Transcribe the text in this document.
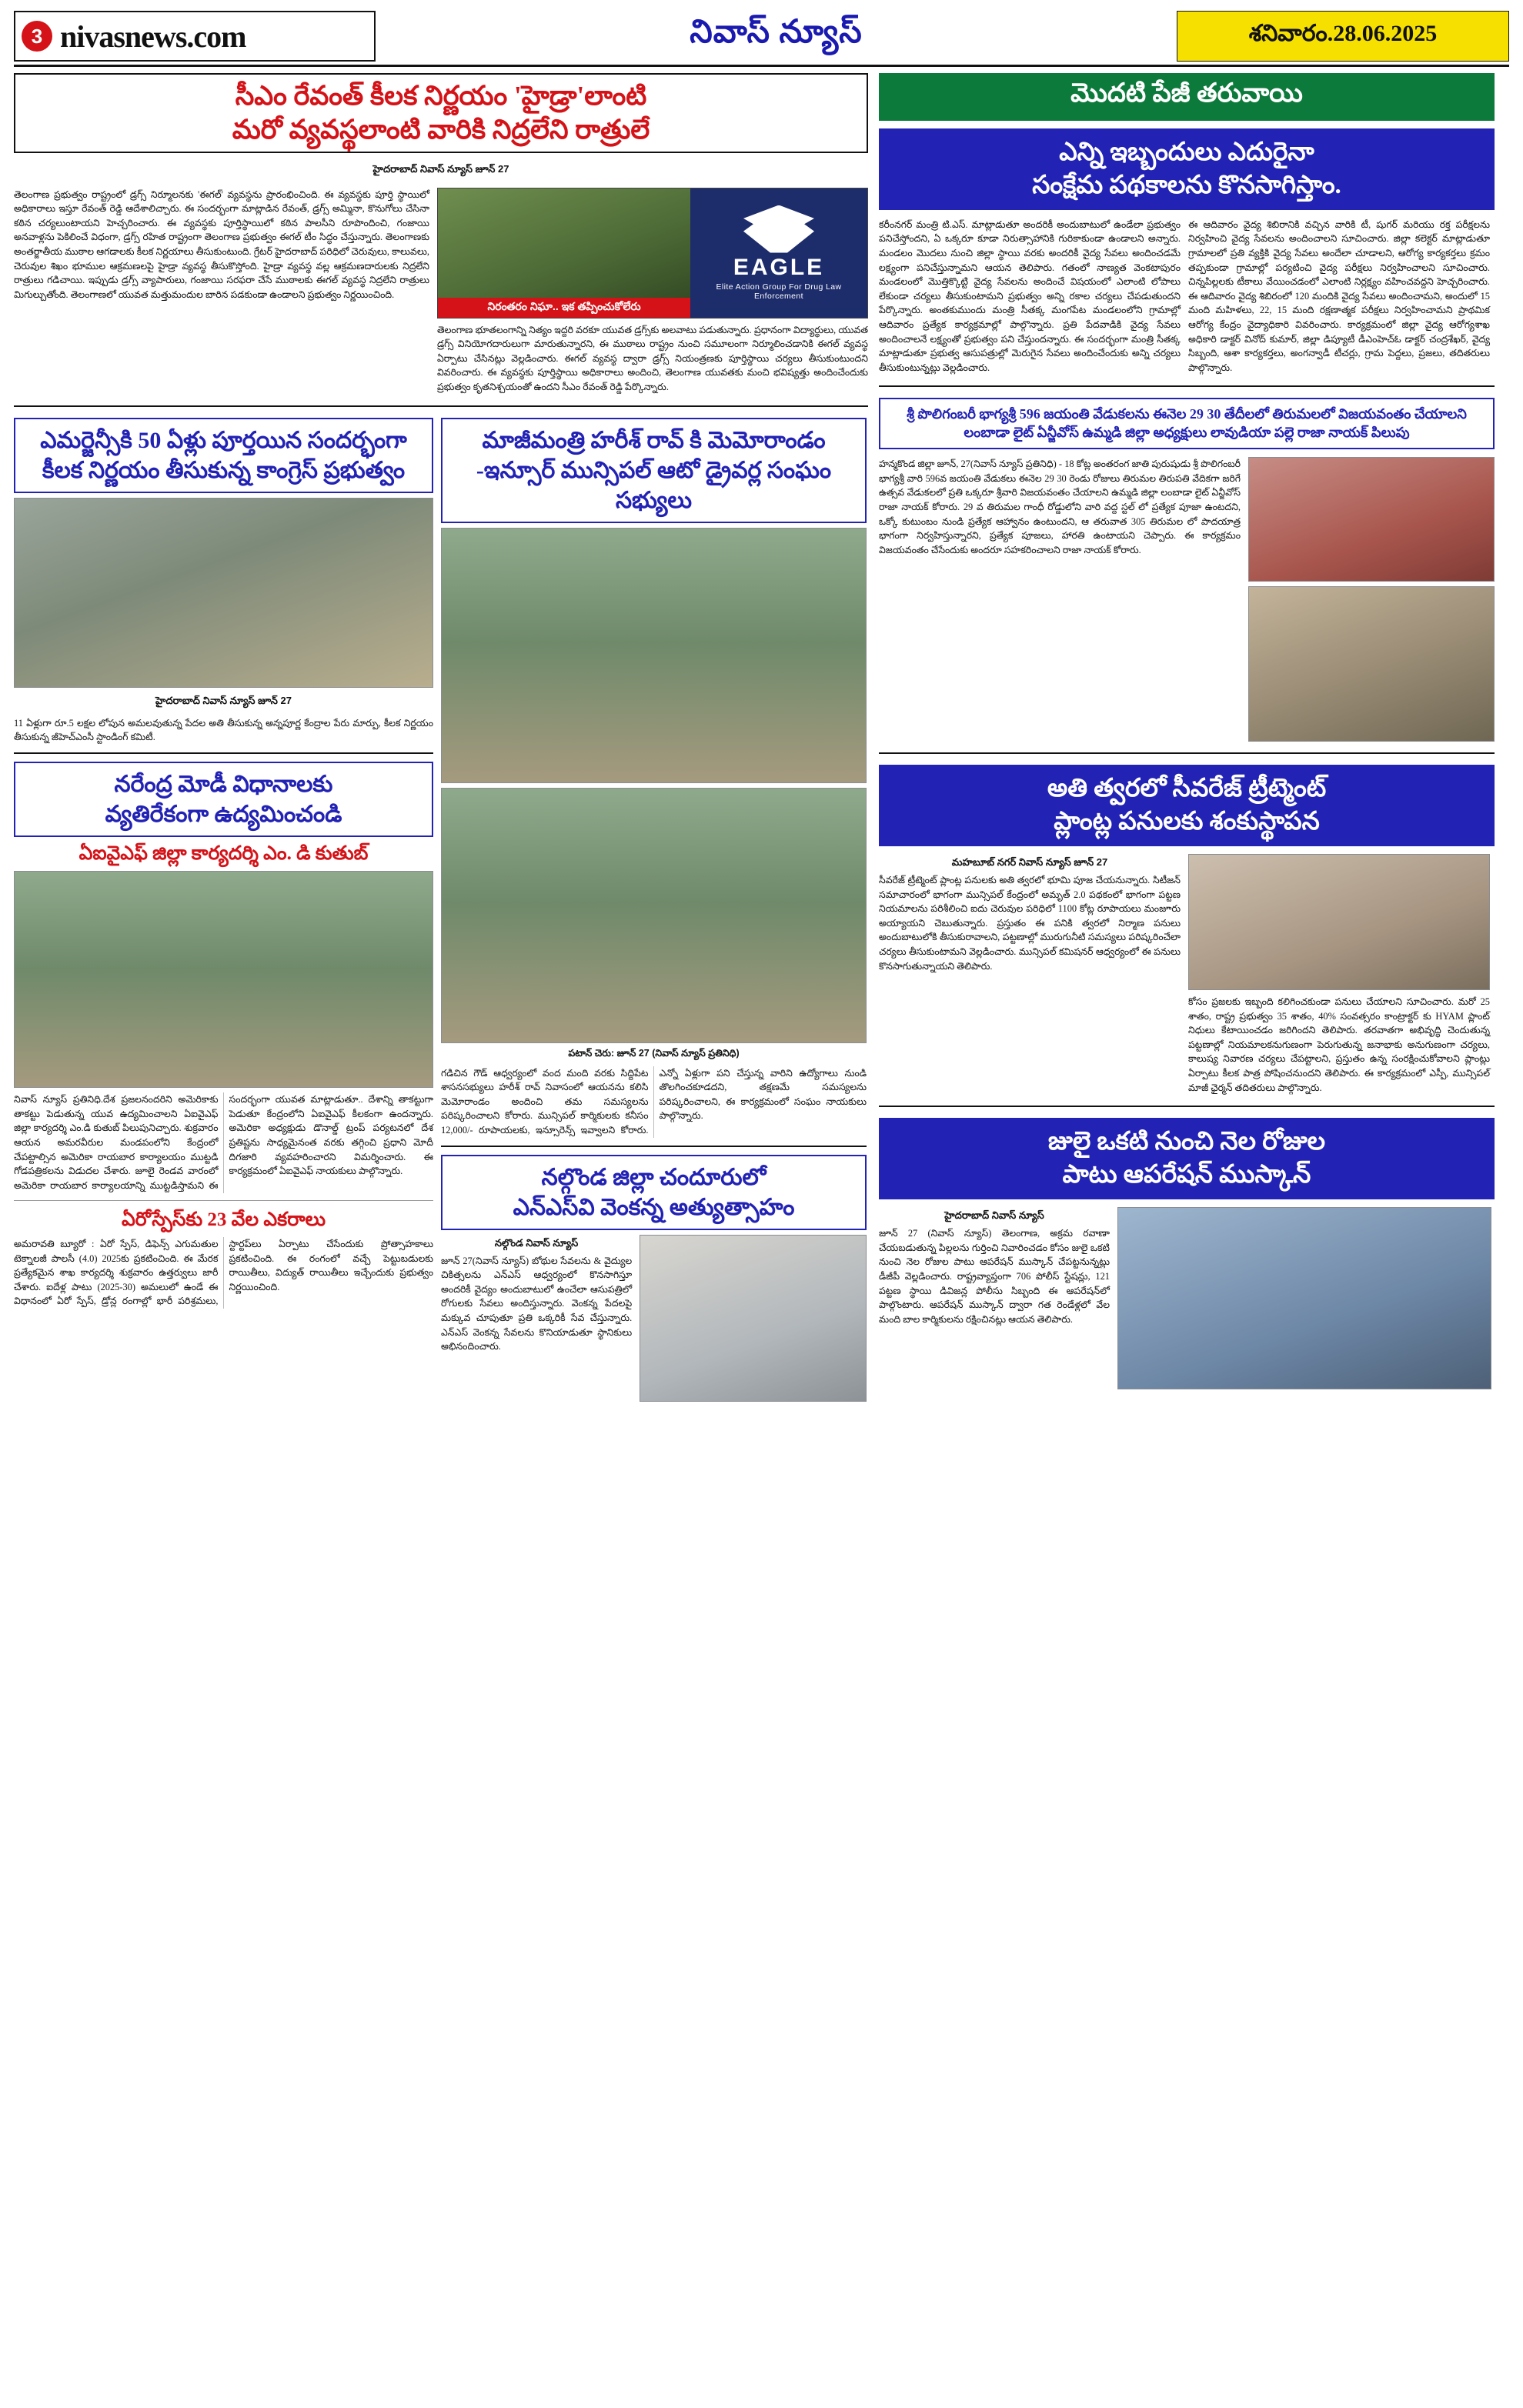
3 nivasnews.com	నివాస్ న్యూస్	శనివారం.28.06.2025
సీఎం రేవంత్ కీలక నిర్ణయం 'హైడ్రా'లాంటి
మరో వ్యవస్థలాంటి వారికి నిద్రలేని రాత్రులే
హైదరాబాద్ నివాస్ న్యూస్ జూన్ 27
తెలంగాణ ప్రభుత్వం రాష్ట్రంలో డ్రగ్స్ నిర్మూలనకు 'ఈగల్' వ్యవస్థను ప్రారంభించింది. ఈ వ్యవస్థకు పూర్తి స్థాయిలో అధికారాలు ఇస్తూ రేవంత్ రెడ్డి ఆదేశాలిచ్చారు. ఈ సందర్భంగా మాట్లాడిన రేవంత్, డ్రగ్స్ అమ్మినా, కొనుగోలు చేసినా కఠిన చర్యలుంటాయని హెచ్చరించారు. ఈ వ్యవస్థకు పూర్తిస్థాయిలో కఠిన పాలసీని రూపొందించి, గంజాయి అనవాళ్లను పెకిలించే విధంగా, డ్రగ్స్ రహిత రాష్ట్రంగా తెలంగాణ ప్రభుత్వం ఈగల్ టీం సిద్ధం చేస్తున్నారు. తెలంగాణకు అంతర్జాతీయ ముఠాల ఆగడాలకు కీలక నిర్ణయాలు తీసుకుంటుంది. గ్రేటర్ హైదరాబాద్ పరిధిలో చెరువులు, కాలువలు, చెరువుల శిఖం భూముల ఆక్రమణలపై హైడ్రా వ్యవస్థ తీసుకొస్తోంది. హైడ్రా వ్యవస్థ వల్ల ఆక్రమణదారులకు నిద్రలేని రాత్రులు గడిచాయి. ఇప్పుడు డ్రగ్స్ వ్యాపారులు, గంజాయి సరఫరా చేసే ముఠాలకు ఈగల్ వ్యవస్థ నిద్రలేని రాత్రులు మిగుల్చుతోంది. తెలంగాణలో యువత మత్తుమందుల బారిన పడకుండా ఉండాలని ప్రభుత్వం నిర్ణయించింది.
నిరంతరం నిఘా.. ఇక తప్పించుకోలేరు
EAGLE
Elite Action Group For Drug Law Enforcement
తెలంగాణ భూతలంగాన్ని నిత్యం ఇద్దరి వరకూ యువత డ్రగ్స్‌కు అలవాటు పడుతున్నారు. ప్రధానంగా విద్యార్థులు, యువత డ్రగ్స్ వినియోగదారులుగా మారుతున్నారని, ఈ ముఠాలు రాష్ట్రం నుంచి సమూలంగా నిర్మూలించడానికి ఈగల్ వ్యవస్థ ఏర్పాటు చేసినట్లు వెల్లడించారు. ఈగల్ వ్యవస్థ ద్వారా డ్రగ్స్ నియంత్రణకు పూర్తిస్థాయి చర్యలు తీసుకుంటుందని వివరించారు. ఈ వ్యవస్థకు పూర్తిస్థాయి అధికారాలు అందించి, తెలంగాణ యువతకు మంచి భవిష్యత్తు అందించేందుకు ప్రభుత్వం కృతనిశ్చయంతో ఉందని సీఎం రేవంత్ రెడ్డి పేర్కొన్నారు.
ఎమర్జెన్సీకి 50 ఏళ్లు పూర్తయిన సందర్భంగా
కీలక నిర్ణయం తీసుకున్న కాంగ్రెస్ ప్రభుత్వం
హైదరాబాద్ నివాస్ న్యూస్ జూన్ 27
11 ఏళ్లుగా రూ.5 లక్షల లోపున అమలవుతున్న పేదల అతి తీసుకున్న అన్నపూర్ణ కేంద్రాల పేరు మార్పు, కీలక నిర్ణయం తీసుకున్న జీహెచ్ఎంసీ స్టాండింగ్ కమిటీ.
నరేంద్ర మోడీ విధానాలకు
వ్యతిరేకంగా ఉద్యమించండి
ఏఐవైఎఫ్ జిల్లా కార్యదర్శి ఎం. డి కుతుబ్
నివాస్ న్యూస్ ప్రతినిధి.దేశ ప్రజలనందరిని అమెరికాకు తాకట్టు పెడుతున్న యువ ఉద్యమించాలని ఏఐవైఎఫ్ జిల్లా కార్యదర్శి ఎం.డి కుతుబ్ పిలుపునిచ్చారు. శుక్రవారం ఆయన అమరవీరుల మండపంలోని కేంద్రంలో చేపట్టాల్సిన అమెరికా రాయబార కార్యాలయం ముట్టడి గోడపత్రికలను విడుదల చేశారు. జూలై రెండవ వారంలో అమెరికా రాయబార కార్యాలయాన్ని ముట్టడిస్తామని ఈ సందర్భంగా యువత మాట్లాడుతూ.. దేశాన్ని తాకట్టుగా పెడుతూ కేంద్రంలోని ఏఐవైఎఫ్ కీలకంగా ఉందన్నారు. అమెరికా అధ్యక్షుడు డొనాల్డ్ ట్రంప్ పర్యటనలో దేశ ప్రతిష్టను సాధ్యమైనంత వరకు తగ్గించి ప్రధాని మోదీ దిగజారి వ్యవహరించారని విమర్శించారు. ఈ కార్యక్రమంలో ఏఐవైఎఫ్ నాయకులు పాల్గొన్నారు.
ఏరోస్పేస్‌కు 23 వేల ఎకరాలు
అమరావతి బ్యూరో : ఏరో స్పేస్, డిఫెన్స్ ఎగుమతుల టెక్నాలజీ పాలసీ (4.0) 2025కు ప్రకటించింది. ఈ మేరక ప్రత్యేకమైన శాఖ కార్యదర్శి శుక్రవారం ఉత్తర్వులు జారీ చేశారు. ఐదేళ్ల పాటు (2025-30) అమలులో ఉండే ఈ విధానంలో ఏరో స్పేస్, డ్రోన్ల రంగాల్లో భారీ పరిశ్రమలు, స్టార్టప్‌లు ఏర్పాటు చేసేందుకు ప్రోత్సాహకాలు ప్రకటించింది. ఈ రంగంలో వచ్చే పెట్టుబడులకు రాయితీలు, విద్యుత్ రాయితీలు ఇచ్చేందుకు ప్రభుత్వం నిర్ణయించింది.
మాజీమంత్రి హరీశ్ రావ్ కి మెమోరాండం
-ఇన్సూర్ మున్సిపల్ ఆటో డ్రైవర్ల సంఘం సభ్యులు
పటాన్ చెరు: జూన్ 27 (నివాస్ న్యూస్ ప్రతినిధి)
గడిచిన గౌడ్ ఆధ్వర్యంలో వంద మంది వరకు సిద్దిపేట శాసనసభ్యులు హరీశ్ రావ్ నివాసంలో ఆయనను కలిసి మెమోరాండం అందించి తమ సమస్యలను పరిష్కరించాలని కోరారు. మున్సిపల్ కార్మికులకు కనీసం 12,000/- రూపాయలకు, ఇన్సూరెన్స్ ఇవ్వాలని కోరారు. ఎన్నో ఏళ్లుగా పని చేస్తున్న వారిని ఉద్యోగాలు నుండి తొలగించకూడదని, తక్షణమే సమస్యలను పరిష్కరించాలని, ఈ కార్యక్రమంలో సంఘం నాయకులు పాల్గొన్నారు.
నల్గొండ జిల్లా చందూరులో
ఎన్ఎస్‌వి వెంకన్న అత్యుత్సాహం
నల్గొండ నివాస్ న్యూస్
జూన్ 27(నివాస్ న్యూస్) బోథుల సేవలను & వైద్యుల చికిత్సలను ఎన్ఎస్ ఆధ్వర్యంలో కొనసాగిస్తూ అందరికీ వైద్యం అందుబాటులో ఉంచేలా ఆసుపత్రిలో రోగులకు సేవలు అందిస్తున్నారు. వెంకన్న పేదలపై మక్కువ చూపుతూ ప్రతి ఒక్కరికీ సేవ చేస్తున్నారు. ఎన్ఎస్ వెంకన్న సేవలను కొనియాడుతూ స్థానికులు అభినందించారు.
మొదటి పేజీ తరువాయి
ఎన్ని ఇబ్బందులు ఎదురైనా
సంక్షేమ పథకాలను కొనసాగిస్తాం.
కరీంనగర్ మంత్రి టి.ఎస్. మాట్లాడుతూ అందరికీ అందుబాటులో ఉండేలా ప్రభుత్వం పనిచేస్తోందని, ఏ ఒక్కరూ కూడా నిరుత్సాహానికి గురికాకుండా ఉండాలని అన్నారు. మండలం మొదలు నుంచి జిల్లా స్థాయి వరకు అందరికీ వైద్య సేవలు అందించడమే లక్ష్యంగా పనిచేస్తున్నామని ఆయన తెలిపారు. గతంలో నాణ్యత వెంకటాపురం మండలంలో మొత్తిక్కొట్టి వైద్య సేవలను అందించే విషయంలో ఎలాంటి లోపాలు లేకుండా చర్యలు తీసుకుంటామని ప్రభుత్వం అన్ని రకాల చర్యలు చేపడుతుందని పేర్కొన్నారు. అంతకుముందు మంత్రి సీతక్క మంగపేట మండలంలోని గ్రామాల్లో ఆదివారం ప్రత్యేక కార్యక్రమాల్లో పాల్గొన్నారు. ప్రతి పేదవాడికి వైద్య సేవలు అందించాలనే లక్ష్యంతో ప్రభుత్వం పని చేస్తుందన్నారు. ఈ సందర్భంగా మంత్రి సీతక్క మాట్లాడుతూ ప్రభుత్వ ఆసుపత్రుల్లో మెరుగైన సేవలు అందించేందుకు అన్ని చర్యలు తీసుకుంటున్నట్లు వెల్లడించారు.
ఈ ఆదివారం వైద్య శిబిరానికి వచ్చిన వారికి టీ, షుగర్ మరియు రక్త పరీక్షలను నిర్వహించి వైద్య సేవలను అందించాలని సూచించారు. జిల్లా కలెక్టర్ మాట్లాడుతూ గ్రామాలలో ప్రతి వ్యక్తికి వైద్య సేవలు అందేలా చూడాలని, ఆరోగ్య కార్యకర్తలు క్రమం తప్పకుండా గ్రామాల్లో పర్యటించి వైద్య పరీక్షలు నిర్వహించాలని సూచించారు. చిన్నపిల్లలకు టీకాలు వేయించడంలో ఎలాంటి నిర్లక్ష్యం వహించవద్దని హెచ్చరించారు. ఈ ఆదివారం వైద్య శిబిరంలో 120 మందికి వైద్య సేవలు అందించామని, అందులో 15 మంది మహిళలు, 22, 15 మంది రక్షణాత్మక పరీక్షలు నిర్వహించామని ప్రాథమిక ఆరోగ్య కేంద్రం వైద్యాధికారి వివరించారు. కార్యక్రమంలో జిల్లా వైద్య ఆరోగ్యశాఖ అధికారి డాక్టర్ వినోద్ కుమార్, జిల్లా డిప్యూటీ డీఎంహెచ్ఓ డాక్టర్ చంద్రశేఖర్, వైద్య సిబ్బంది, ఆశా కార్యకర్తలు, అంగన్వాడీ టీచర్లు, గ్రామ పెద్దలు, ప్రజలు, తదితరులు పాల్గొన్నారు.
శ్రీ పొలిగంబరీ భాగ్యశ్రీ 596 జయంతి వేడుకలను ఈనెల 29 30 తేదీలలో తిరుమలలో విజయవంతం చేయాలని
లంబాడా లైట్ ఏన్జీవోస్ ఉమ్మడి జిల్లా అధ్యక్షులు లావుడియా పల్లె రాజా నాయక్ పిలుపు
హన్మకొండ జిల్లా జూన్, 27(నివాస్ న్యూస్ ప్రతినిధి) - 18 కోట్ల అంతరంగ జాతి పురుషుడు శ్రీ పొలిగంబరీ భాగ్యశ్రీ వారి 596వ జయంతి వేడుకలు ఈనెల 29 30 రెండు రోజులు తిరుమల తిరుపతి వేదికగా జరిగే ఉత్సవ వేడుకలలో ప్రతి ఒక్కరూ శ్రీవారి విజయవంతం చేయాలని ఉమ్మడి జిల్లా లంబాడా లైట్ ఏన్జీవోస్ రాజా నాయక్ కోరారు. 29 వ తిరుమల గాంధీ రోడ్డులోని వారి వద్ద స్టల్ లో ప్రత్యేక పూజా ఉంటదని, ఒక్కో కుటుంబం నుండి ప్రత్యేక ఆహ్వానం ఉంటుందని, ఆ తరువాత 305 తిరుమల లో పాదయాత్ర భాగంగా నిర్వహిస్తున్నారని, ప్రత్యేక పూజలు, హారతి ఉంటాయని చెప్పారు. ఈ కార్యక్రమం విజయవంతం చేసేందుకు అందరూ సహకరించాలని రాజా నాయక్ కోరారు.
అతి త్వరలో సీవరేజ్ ట్రీట్మెంట్
ప్లాంట్ల పనులకు శంకుస్థాపన
మహబూబ్ నగర్ నివాస్ న్యూస్ జూన్ 27
సీవరేజ్ ట్రీట్మెంట్ ప్లాంట్ల పనులకు అతి త్వరలో భూమి పూజ చేయనున్నారు. సిటీజన్ సమాచారంలో భాగంగా మున్సిపల్ కేంద్రంలో అమృత్ 2.0 పథకంలో భాగంగా పట్టణ నియమాలను పరిశీలించి ఐదు చెరువుల పరిధిలో 1100 కోట్ల రూపాయలు మంజూరు అయ్యాయని చెబుతున్నారు. ప్రస్తుతం ఈ పనికి త్వరలో నిర్మాణ పనులు అందుబాటులోకి తీసుకురావాలని, పట్టణాల్లో మురుగునీటి సమస్యలు పరిష్కరించేలా చర్యలు తీసుకుంటామని వెల్లడించారు. మున్సిపల్ కమిషనర్ ఆధ్వర్యంలో ఈ పనులు కొనసాగుతున్నాయని తెలిపారు.
కోసం ప్రజలకు ఇబ్బంది కలిగించకుండా పనులు చేయాలని సూచించారు. మరో 25 శాతం, రాష్ట్ర ప్రభుత్వం 35 శాతం, 40% సంవత్సరం కాంట్రాక్టర్ కు HYAM ప్లాంట్ నిధులు కేటాయించడం జరిగిందని తెలిపారు. తరవాతగా అభివృద్ధి చెందుతున్న పట్టణాల్లో నియమాలకనుగుణంగా పెరుగుతున్న జనాభాకు అనుగుణంగా చర్యలు, కాలుష్య నివారణ చర్యలు చేపట్టాలని, ప్రస్తుతం ఉన్న సంరక్షించుకోవాలని ప్లాంట్లు ఏర్పాటు కీలక పాత్ర పోషించనుందని తెలిపారు. ఈ కార్యక్రమంలో ఎస్పీ, మున్సిపల్ మాజీ ఛైర్మన్ తదితరులు పాల్గొన్నారు.
జులై ఒకటి నుంచి నెల రోజుల
పాటు ఆపరేషన్ ముస్కాన్
హైదరాబాద్ నివాస్ న్యూస్
జూన్ 27 (నివాస్ న్యూస్) తెలంగాణ, అక్రమ రవాణా చేయబడుతున్న పిల్లలను గుర్తించి నివారించడం కోసం జులై ఒకటి నుంచి నెల రోజుల పాటు ఆపరేషన్ ముస్కాన్ చేపట్టనున్నట్లు డీజీపీ వెల్లడించారు. రాష్ట్రవ్యాప్తంగా 706 పోలీస్ స్టేషన్లు, 121 పట్టణ స్థాయి డివిజన్ల పోలీసు సిబ్బంది ఈ ఆపరేషన్‌లో పాల్గొంటారు. ఆపరేషన్ ముస్కాన్ ద్వారా గత రెండేళ్లలో వేల మంది బాల కార్మికులను రక్షించినట్లు ఆయన తెలిపారు.
